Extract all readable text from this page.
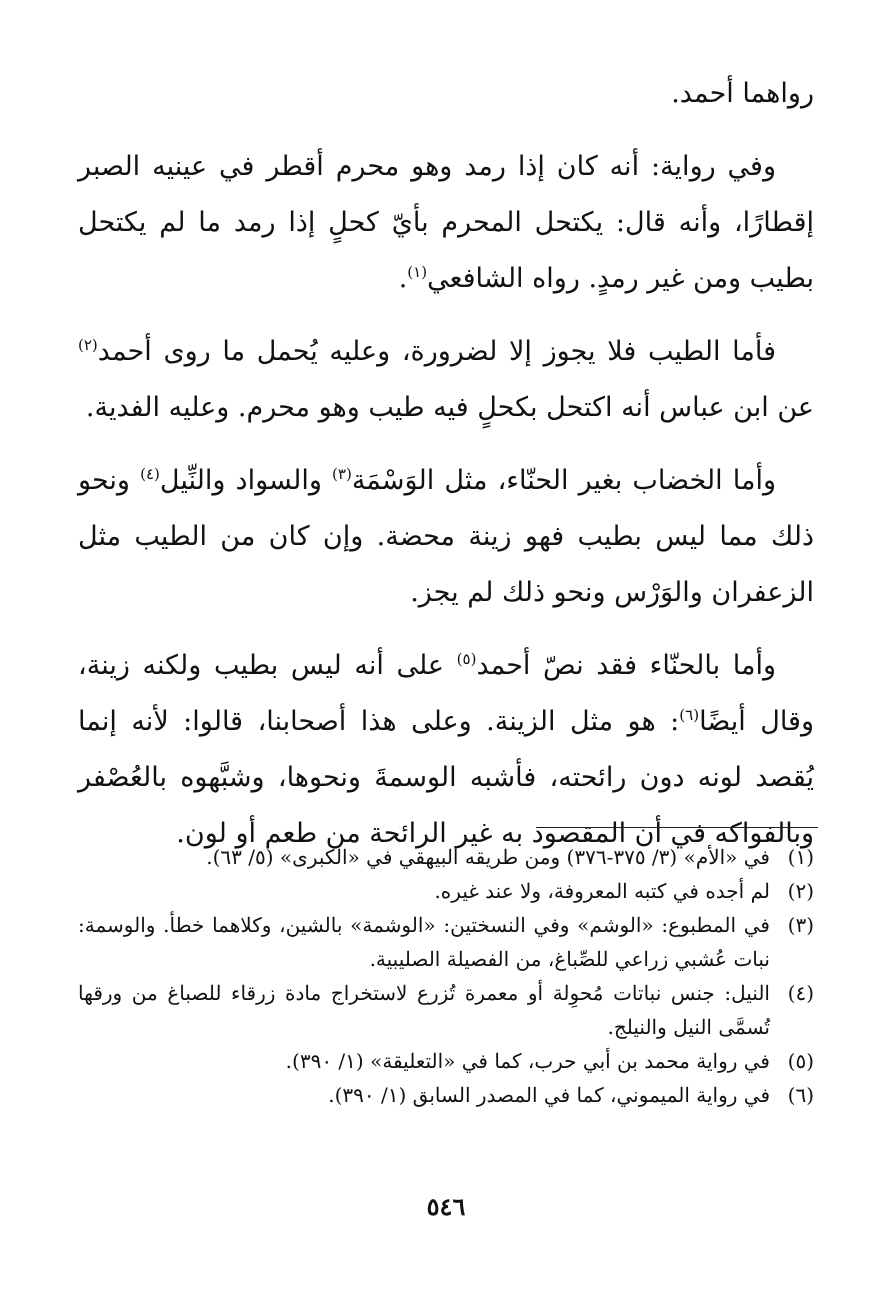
رواهما أحمد.

وفي رواية: أنه كان إذا رمد وهو محرم أقطر في عينيه الصبر إقطارًا، وأنه قال: يكتحل المحرم بأيّ كحلٍ إذا رمد ما لم يكتحل بطيب ومن غير رمدٍ. رواه الشافعي$^{(١)}$.
فأما الطيب فلا يجوز إلا لضرورة، وعليه يُحمل ما روى أحمد$^{(٢)}$ عن ابن عباس أنه اكتحل بكحلٍ فيه طيب وهو محرم. وعليه الفدية.
وأما الخضاب بغير الحنّاء، مثل الوَسْمَة$^{(٣)}$ والسواد والنِّيل$^{(٤)}$ ونحو ذلك مما ليس بطيب فهو زينة محضة. وإن كان من الطيب مثل الزعفران والوَرْس ونحو ذلك لم يجز.
وأما بالحنّاء فقد نصّ أحمد$^{(٥)}$ على أنه ليس بطيب ولكنه زينة، وقال أيضًا$^{(٦)}$: هو مثل الزينة. وعلى هذا أصحابنا، قالوا: لأنه إنما يُقصد لونه دون رائحته، فأشبه الوسمةَ ونحوها، وشبَّهوه بالعُصْفر وبالفواكه في أن المقصود به غير الرائحة من طعم أو لون.
(١)
في «الأم» (٣/ ٣٧٥-٣٧٦) ومن طريقه البيهقي في «الكبرى» (٥/ ٦٣).
(٢)
لم أجده في كتبه المعروفة، ولا عند غيره.
(٣)
في المطبوع: «الوشم» وفي النسختين: «الوشمة» بالشين، وكلاهما خطأ. والوسمة: نبات عُشبي زراعي للصِّباغ، من الفصيلة الصليبية.
(٤)
النيل: جنس نباتات مُحوِلة أو معمرة تُزرع لاستخراج مادة زرقاء للصباغ من ورقها تُسمَّى النيل والنيلج.
(٥)
في رواية محمد بن أبي حرب، كما في «التعليقة» (١/ ٣٩٠).
(٦)
في رواية الميموني، كما في المصدر السابق (١/ ٣٩٠).
٥٤٦
